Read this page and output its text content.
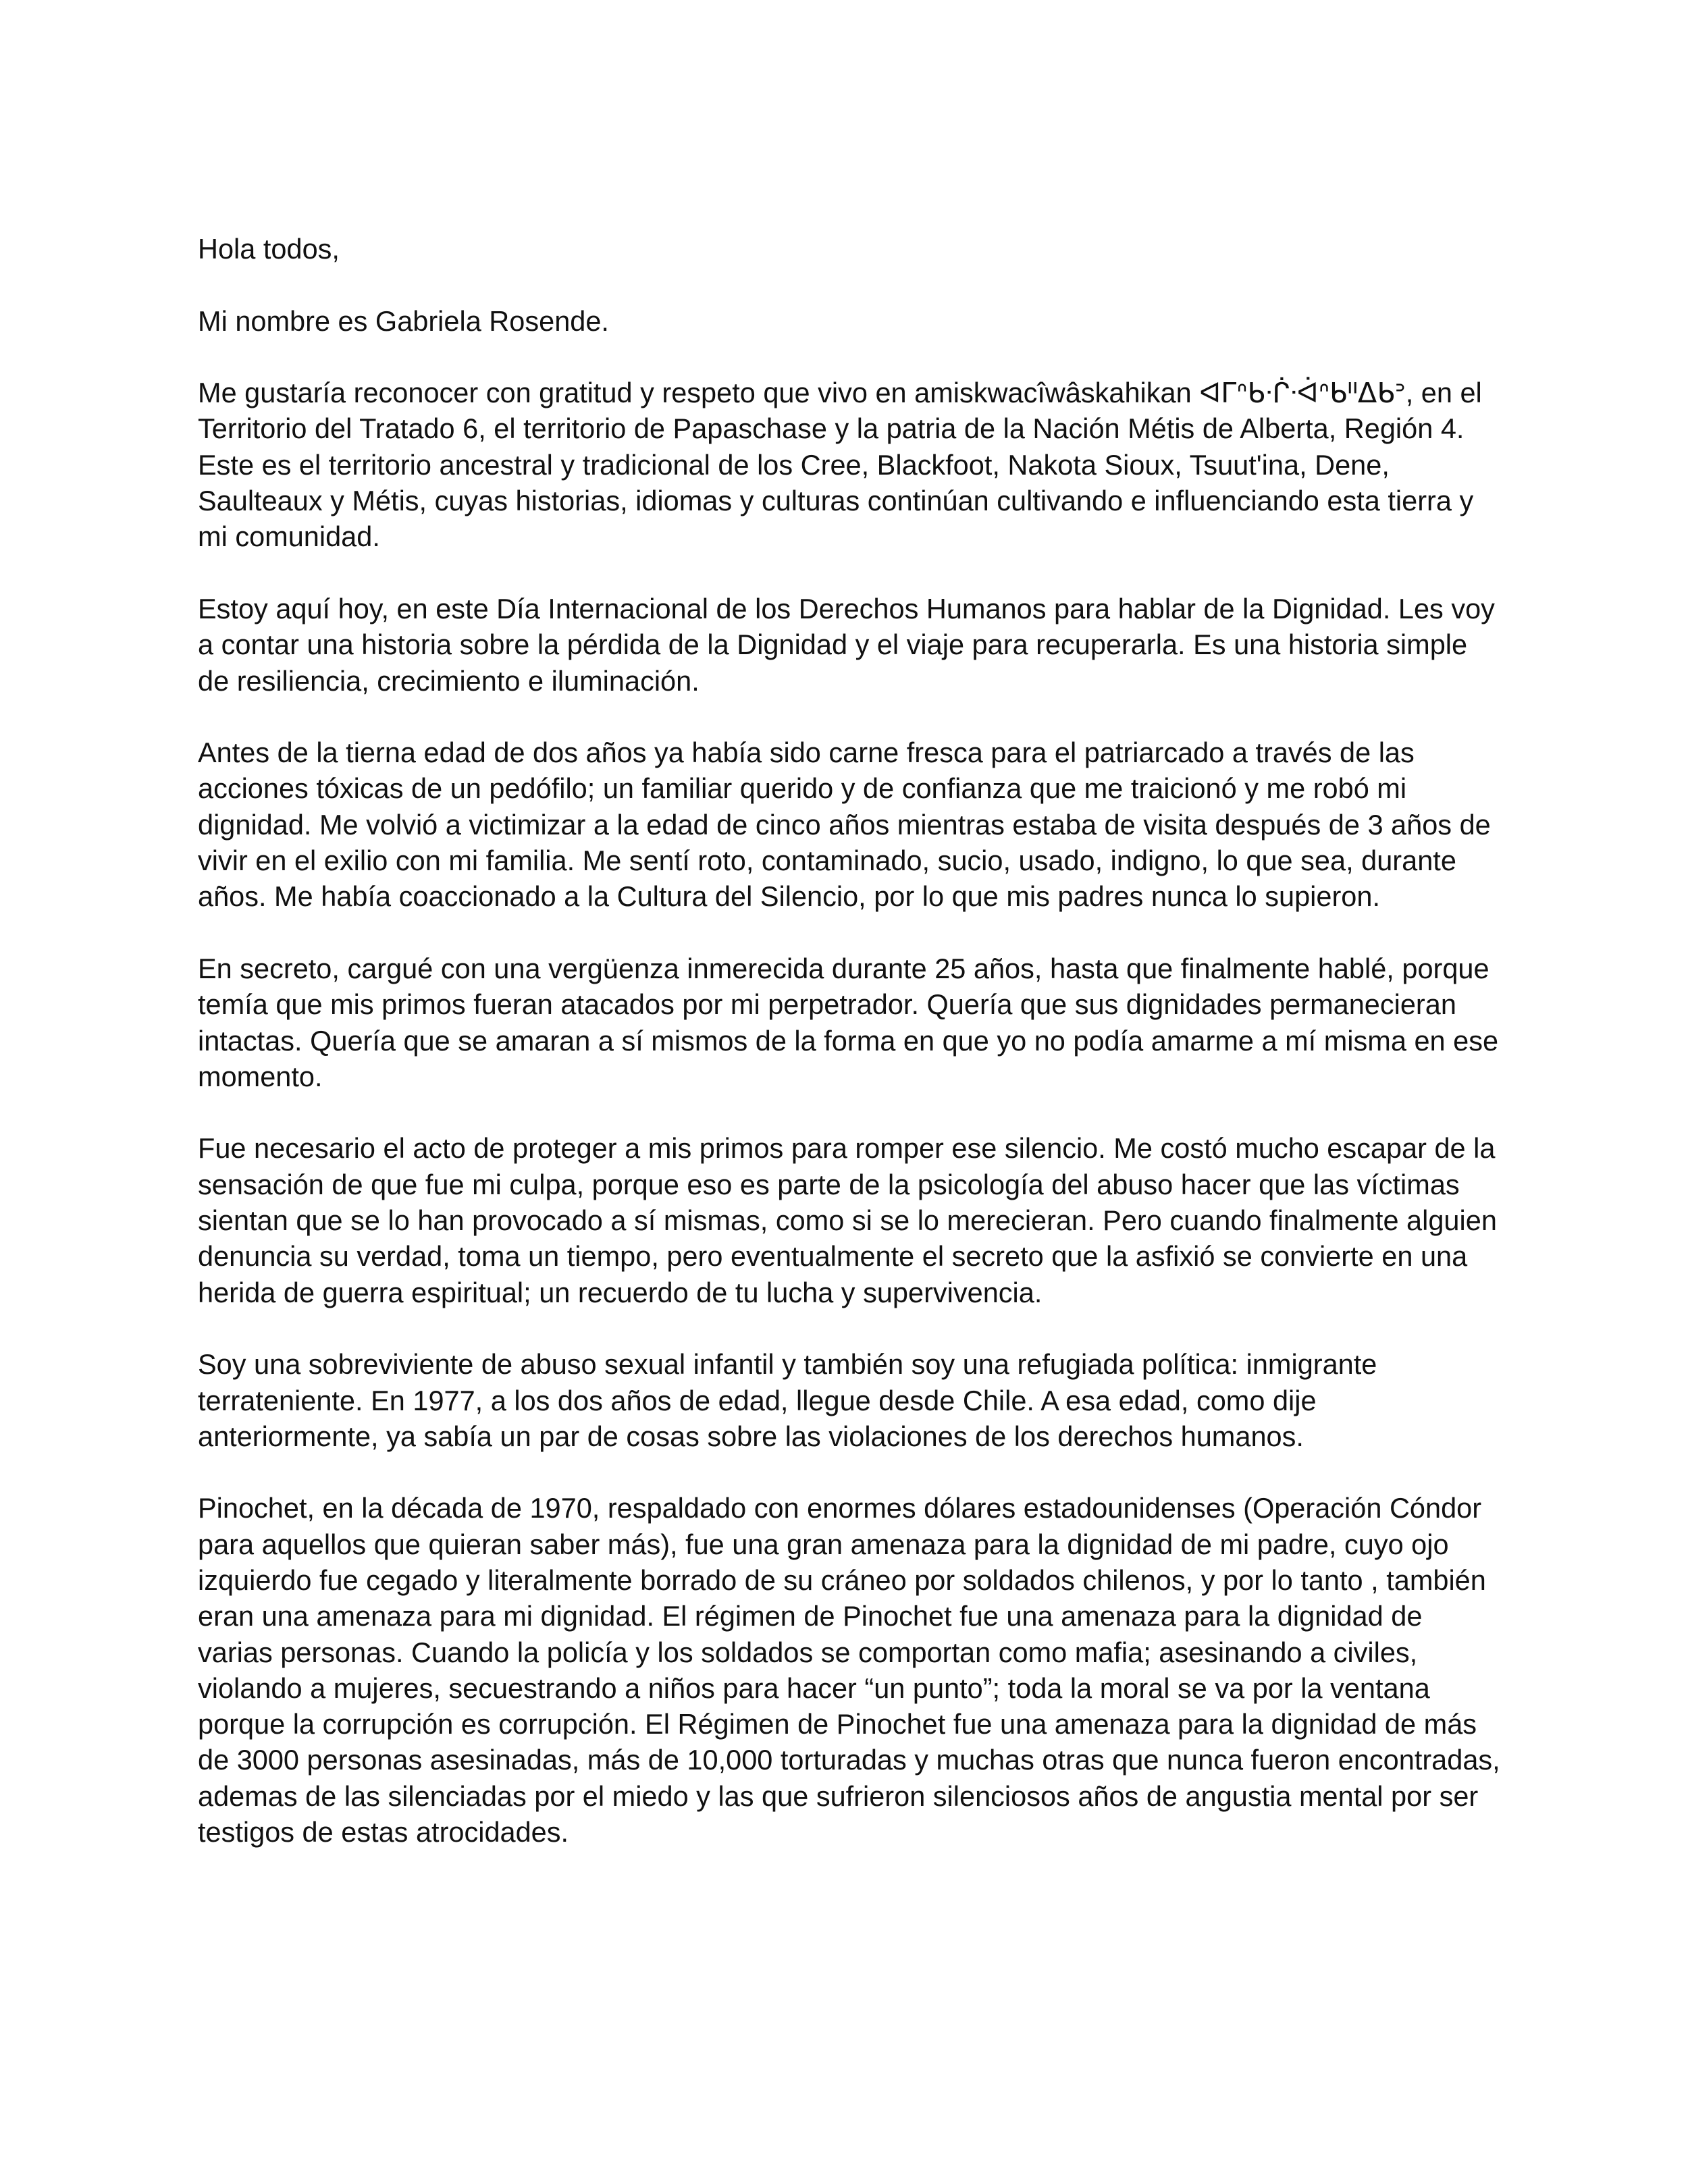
Hola todos,

Mi nombre es Gabriela Rosende.

Me gustaría reconocer con gratitud y respeto que vivo en amiskwacîwâskahikan ᐊᒥᐢᑲᐧᒌᐧᐋᐢᑲᐦᐃᑲᐣ, en el Territorio del Tratado 6, el territorio de Papaschase y la patria de la Nación Métis de Alberta, Región 4. Este es el territorio ancestral y tradicional de los Cree, Blackfoot, Nakota Sioux, Tsuut'ina, Dene, Saulteaux y Métis, cuyas historias, idiomas y culturas continúan cultivando e influenciando esta tierra y mi comunidad.

Estoy aquí hoy, en este Día Internacional de los Derechos Humanos para hablar de la Dignidad. Les voy a contar una historia sobre la pérdida de la Dignidad y el viaje para recuperarla. Es una historia simple de resiliencia, crecimiento e iluminación.

Antes de la tierna edad de dos años ya había sido carne fresca para el patriarcado a través de las acciones tóxicas de un pedófilo; un familiar querido y de confianza que me traicionó y me robó mi dignidad. Me volvió a victimizar a la edad de cinco años mientras estaba de visita después de 3 años de vivir en el exilio con mi familia. Me sentí roto, contaminado, sucio, usado, indigno, lo que sea, durante años. Me había coaccionado a la Cultura del Silencio, por lo que mis padres nunca lo supieron.

En secreto, cargué con una vergüenza inmerecida durante 25 años, hasta que finalmente hablé, porque temía que mis primos fueran atacados por mi perpetrador. Quería que sus dignidades permanecieran intactas. Quería que se amaran a sí mismos de la forma en que yo no podía amarme a mí misma en ese momento.

Fue necesario el acto de proteger a mis primos para romper ese silencio. Me costó mucho escapar de la sensación de que fue mi culpa, porque eso es parte de la psicología del abuso hacer que las víctimas sientan que se lo han provocado a sí mismas, como si se lo merecieran. Pero cuando finalmente alguien denuncia su verdad, toma un tiempo, pero eventualmente el secreto que la asfixió se convierte en una herida de guerra espiritual; un recuerdo de tu lucha y supervivencia.

Soy una sobreviviente de abuso sexual infantil y también soy una refugiada política: inmigrante terrateniente. En 1977, a los dos años de edad, llegue desde Chile. A esa edad, como dije anteriormente, ya sabía un par de cosas sobre las violaciones de los derechos humanos.

Pinochet, en la década de 1970, respaldado con enormes dólares estadounidenses (Operación Cóndor para aquellos que quieran saber más), fue una gran amenaza para la dignidad de mi padre, cuyo ojo izquierdo fue cegado y literalmente borrado de su cráneo por soldados chilenos, y por lo tanto , también eran una amenaza para mi dignidad. El régimen de Pinochet fue una amenaza para la dignidad de varias personas. Cuando la policía y los soldados se comportan como mafia; asesinando a civiles, violando a mujeres, secuestrando a niños para hacer “un punto”; toda la moral se va por la ventana porque la corrupción es corrupción. El Régimen de Pinochet fue una amenaza para la dignidad de más de 3000 personas asesinadas, más de 10,000 torturadas y muchas otras que nunca fueron encontradas, ademas de las silenciadas por el miedo y las que sufrieron silenciosos años de angustia mental por ser testigos de estas atrocidades.
